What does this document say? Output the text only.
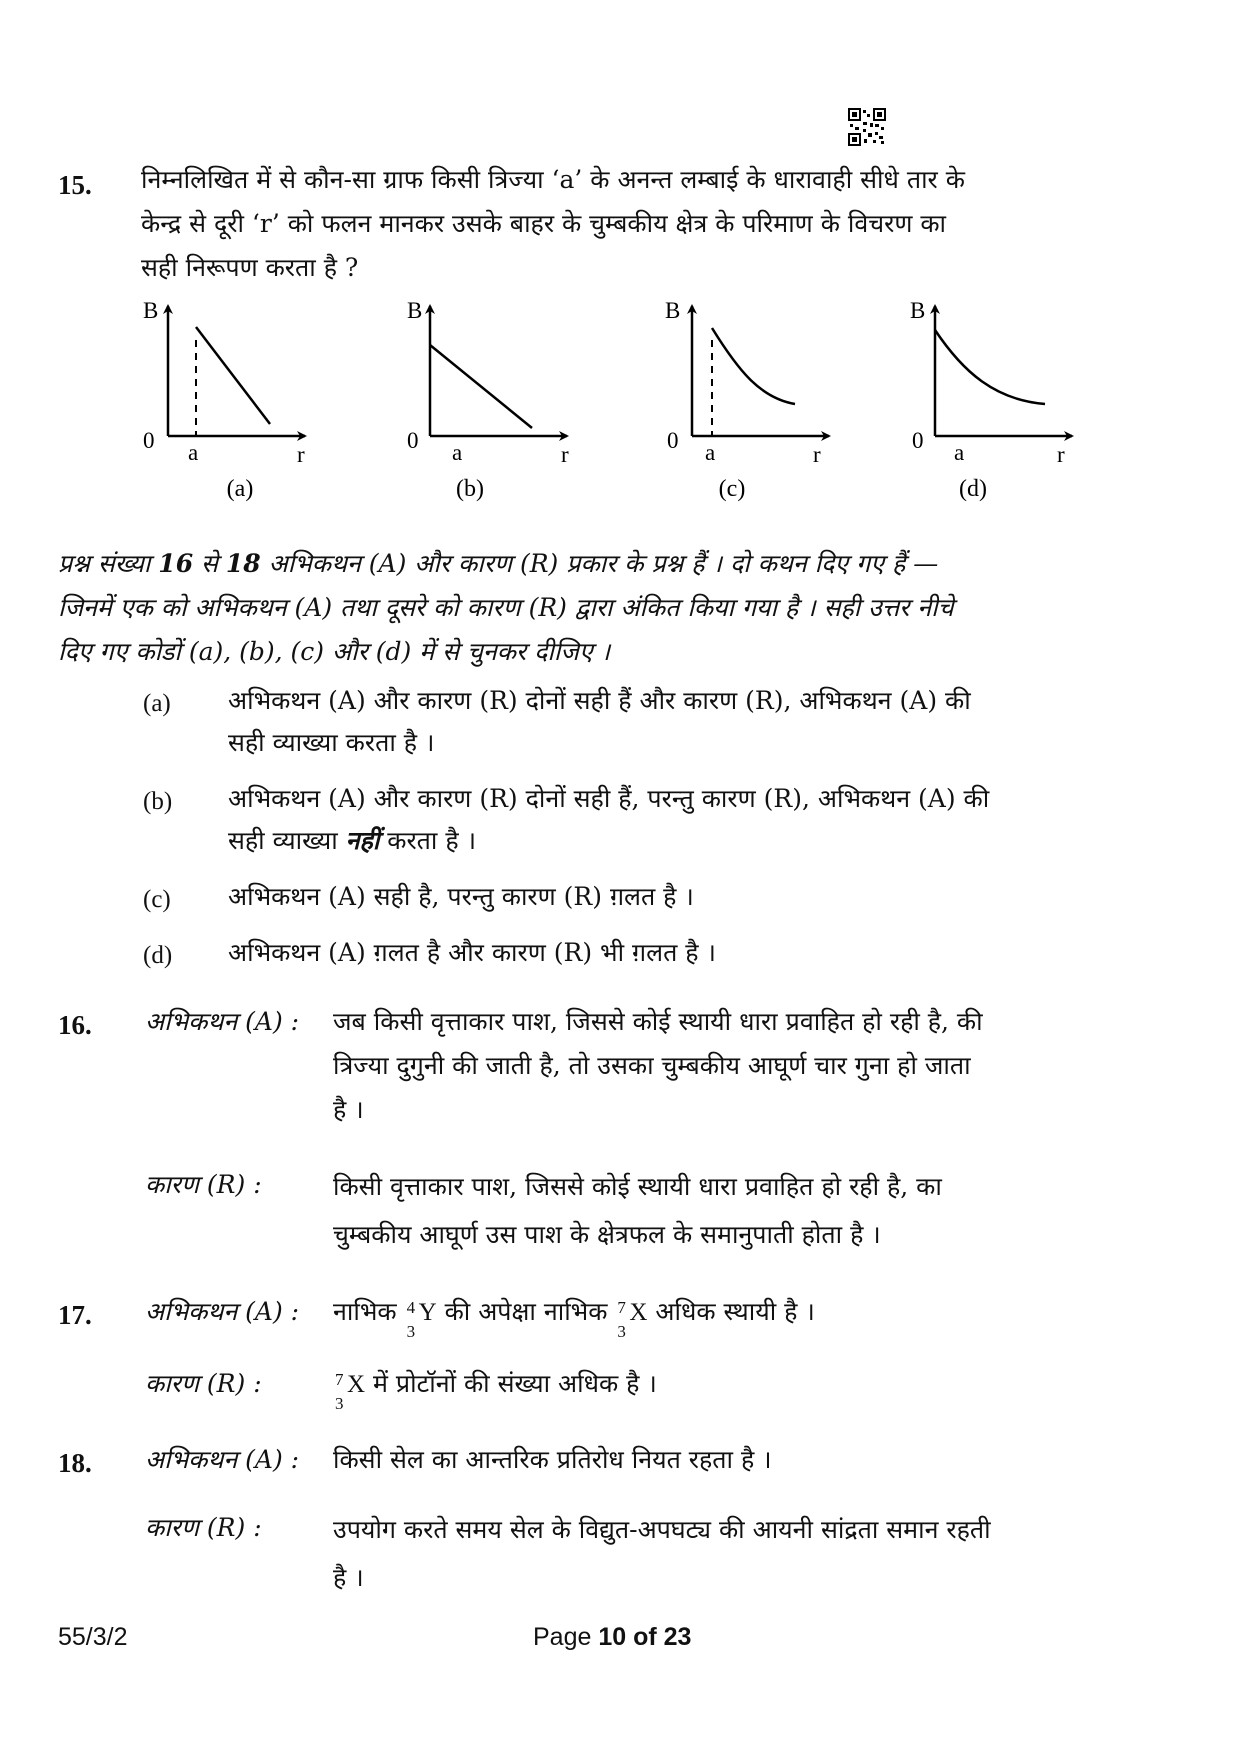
15. निम्नलिखित में से कौन-सा ग्राफ किसी त्रिज्या ‘a’ के अनन्त लम्बाई के धारावाही सीधे तार के
केन्द्र से दूरी ‘r’ को फलन मानकर उसके बाहर के चुम्बकीय क्षेत्र के परिमाण के विचरण का
सही निरूपण करता है ?
B
0 a	r
(a)
B
0 a	r
(b)
B
0 a	r
(c)
B
0 a	r
(d)
प्रश्न संख्या 16 से 18 अभिकथन (A) और कारण (R) प्रकार के प्रश्न हैं । दो कथन दिए गए हैं —
जिनमें एक को अभिकथन (A) तथा दूसरे को कारण (R) द्वारा अंकित किया गया है । सही उत्तर नीचे
दिए गए कोडों (a), (b), (c) और (d) में से चुनकर दीजिए ।
(a) अभिकथन (A) और कारण (R) दोनों सही हैं और कारण (R), अभिकथन (A) की
सही व्याख्या करता है ।
(b) अभिकथन (A) और कारण (R) दोनों सही हैं, परन्तु कारण (R), अभिकथन (A) की
सही व्याख्या नहीं करता है ।
(c) अभिकथन (A) सही है, परन्तु कारण (R) ग़लत है ।
(d) अभिकथन (A) ग़लत है और कारण (R) भी ग़लत है ।
16. अभिकथन (A) : जब किसी वृत्ताकार पाश, जिससे कोई स्थायी धारा प्रवाहित हो रही है, की
त्रिज्या दुगुनी की जाती है, तो उसका चुम्बकीय आघूर्ण चार गुना हो जाता
है ।
कारण (R) :	किसी वृत्ताकार पाश, जिससे कोई स्थायी धारा प्रवाहित हो रही है, का
चुम्बकीय आघूर्ण उस पाश के क्षेत्रफल के समानुपाती होता है ।
17. अभिकथन (A) : नाभिक 4
3
Y की अपेक्षा नाभिक 7
3
X अधिक स्थायी है ।
कारण (R) :	7
3
X में प्रोटॉनों की संख्या अधिक है ।
18. अभिकथन (A) : किसी सेल का आन्तरिक प्रतिरोध नियत रहता है ।
कारण (R) :	उपयोग करते समय सेल के विद्युत-अपघट्य की आयनी सांद्रता समान रहती
है ।
55/3/2	Page 10 of 23
